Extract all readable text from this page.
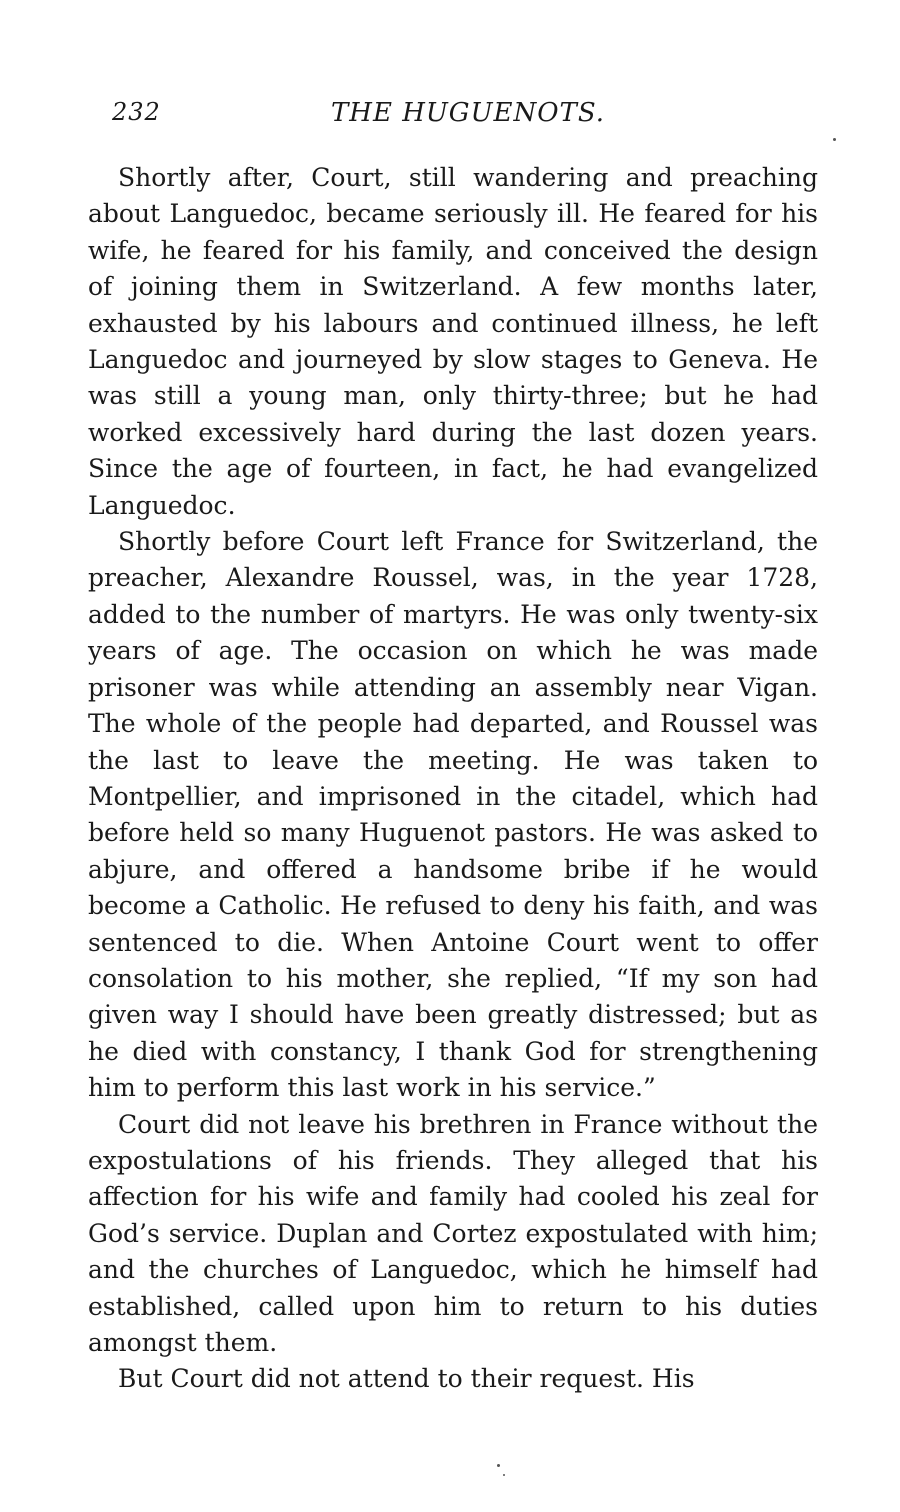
232	THE HUGUENOTS.

Shortly after, Court, still wandering and preaching about Languedoc, became seriously ill. He feared for his wife, he feared for his family, and conceived the design of joining them in Switzerland. A few months later, exhausted by his labours and continued illness, he left Languedoc and journeyed by slow stages to Geneva. He was still a young man, only thirty-three; but he had worked excessively hard during the last dozen years. Since the age of fourteen, in fact, he had evangelized Languedoc.

Shortly before Court left France for Switzerland, the preacher, Alexandre Roussel, was, in the year 1728, added to the number of martyrs. He was only twenty-six years of age. The occasion on which he was made prisoner was while attending an assembly near Vigan. The whole of the people had departed, and Roussel was the last to leave the meeting. He was taken to Montpellier, and imprisoned in the citadel, which had before held so many Huguenot pastors. He was asked to abjure, and offered a handsome bribe if he would become a Catholic. He refused to deny his faith, and was sentenced to die. When Antoine Court went to offer consolation to his mother, she replied, “If my son had given way I should have been greatly distressed; but as he died with constancy, I thank God for strengthening him to perform this last work in his service.”

Court did not leave his brethren in France without the expostulations of his friends. They alleged that his affection for his wife and family had cooled his zeal for God’s service. Duplan and Cortez expostulated with him; and the churches of Languedoc, which he himself had established, called upon him to return to his duties amongst them.

But Court did not attend to their request. His
